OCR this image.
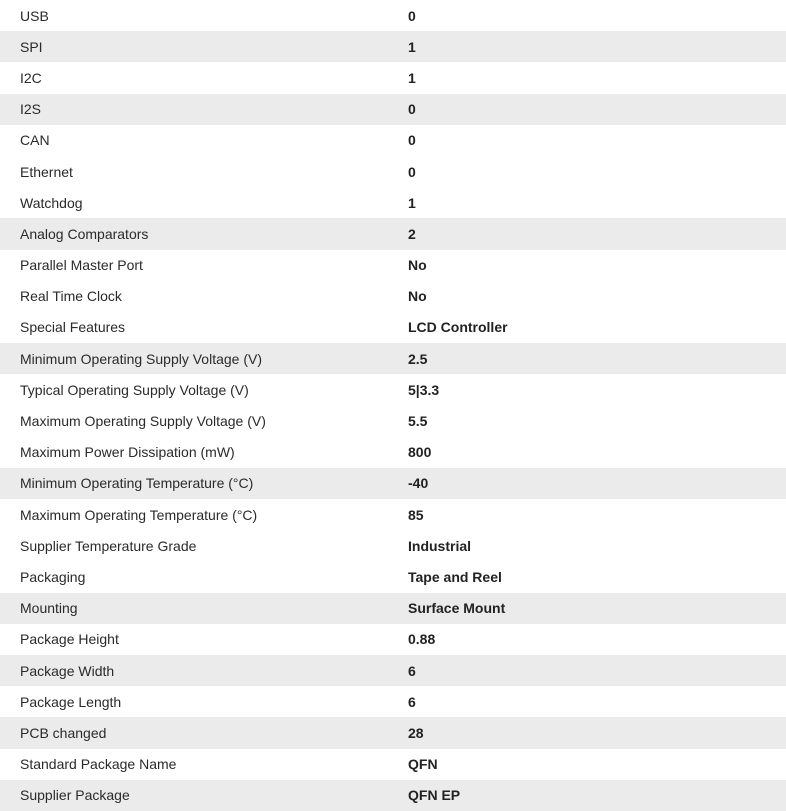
USB	0
SPI	1
I2C	1
I2S	0
CAN	0
Ethernet	0
Watchdog	1
Analog Comparators	2
Parallel Master Port	No
Real Time Clock	No
Special Features	LCD Controller
Minimum Operating Supply Voltage (V)	2.5
Typical Operating Supply Voltage (V)	5|3.3
Maximum Operating Supply Voltage (V)	5.5
Maximum Power Dissipation (mW)	800
Minimum Operating Temperature (°C)	-40
Maximum Operating Temperature (°C)	85
Supplier Temperature Grade	Industrial
Packaging	Tape and Reel
Mounting	Surface Mount
Package Height	0.88
Package Width	6
Package Length	6
PCB changed	28
Standard Package Name	QFN
Supplier Package	QFN EP
